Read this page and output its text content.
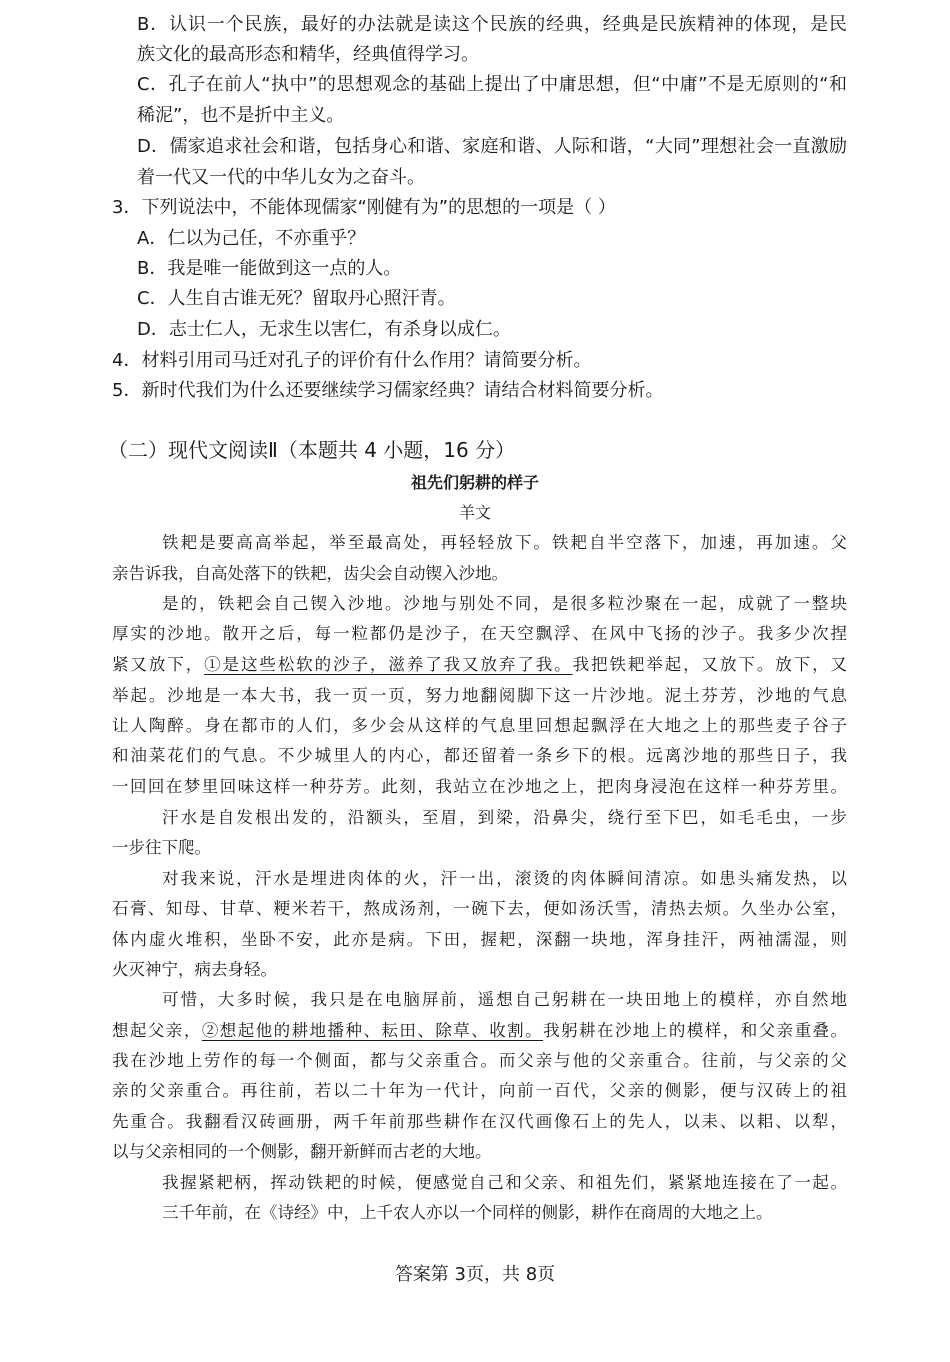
B．认识一个民族，最好的办法就是读这个民族的经典，经典是民族精神的体现，是民
族文化的最高形态和精华，经典值得学习。
C．孔子在前人“执中”的思想观念的基础上提出了中庸思想，但“中庸”不是无原则的“和
稀泥”，也不是折中主义。
D．儒家追求社会和谐，包括身心和谐、家庭和谐、人际和谐，“大同”理想社会一直激励
着一代又一代的中华儿女为之奋斗。
3．下列说法中，不能体现儒家“刚健有为”的思想的一项是（ ）
A．仁以为己任，不亦重乎？
B．我是唯一能做到这一点的人。
C．人生自古谁无死？留取丹心照汗青。
D．志士仁人，无求生以害仁，有杀身以成仁。
4．材料引用司马迁对孔子的评价有什么作用？请简要分析。
5．新时代我们为什么还要继续学习儒家经典？请结合材料简要分析。
（二）现代文阅读Ⅱ（本题共 4 小题，16 分）
祖先们躬耕的样子
羊文
铁耙是要高高举起，举至最高处，再轻轻放下。铁耙自半空落下，加速，再加速。父
亲告诉我，自高处落下的铁耙，齿尖会自动锲入沙地。
是的，铁耙会自己锲入沙地。沙地与别处不同，是很多粒沙聚在一起，成就了一整块
厚实的沙地。散开之后，每一粒都仍是沙子，在天空飘浮、在风中飞扬的沙子。我多少次捏
紧又放下，①是这些松软的沙子，滋养了我又放弃了我。我把铁耙举起，又放下。放下，又
举起。沙地是一本大书，我一页一页，努力地翻阅脚下这一片沙地。泥土芬芳，沙地的气息
让人陶醉。身在都市的人们，多少会从这样的气息里回想起飘浮在大地之上的那些麦子谷子
和油菜花们的气息。不少城里人的内心，都还留着一条乡下的根。远离沙地的那些日子，我
一回回在梦里回味这样一种芬芳。此刻，我站立在沙地之上，把肉身浸泡在这样一种芬芳里。
汗水是自发根出发的，沿额头，至眉，到梁，沿鼻尖，绕行至下巴，如毛毛虫，一步
一步往下爬。
对我来说，汗水是埋进肉体的火，汗一出，滚烫的肉体瞬间清凉。如患头痛发热，以
石膏、知母、甘草、粳米若干，熬成汤剂，一碗下去，便如汤沃雪，清热去烦。久坐办公室，
体内虚火堆积，坐卧不安，此亦是病。下田，握耙，深翻一块地，浑身挂汗，两袖濡湿，则
火灭神宁，病去身轻。
可惜，大多时候，我只是在电脑屏前，遥想自己躬耕在一块田地上的模样，亦自然地
想起父亲，②想起他的耕地播种、耘田、除草、收割。我躬耕在沙地上的模样，和父亲重叠。
我在沙地上劳作的每一个侧面，都与父亲重合。而父亲与他的父亲重合。往前，与父亲的父
亲的父亲重合。再往前，若以二十年为一代计，向前一百代，父亲的侧影，便与汉砖上的祖
先重合。我翻看汉砖画册，两千年前那些耕作在汉代画像石上的先人，以耒、以耜、以犁，
以与父亲相同的一个侧影，翻开新鲜而古老的大地。
我握紧耙柄，挥动铁耙的时候，便感觉自己和父亲、和祖先们，紧紧地连接在了一起。
三千年前，在《诗经》中，上千农人亦以一个同样的侧影，耕作在商周的大地之上。
答案第 3页，共 8页
